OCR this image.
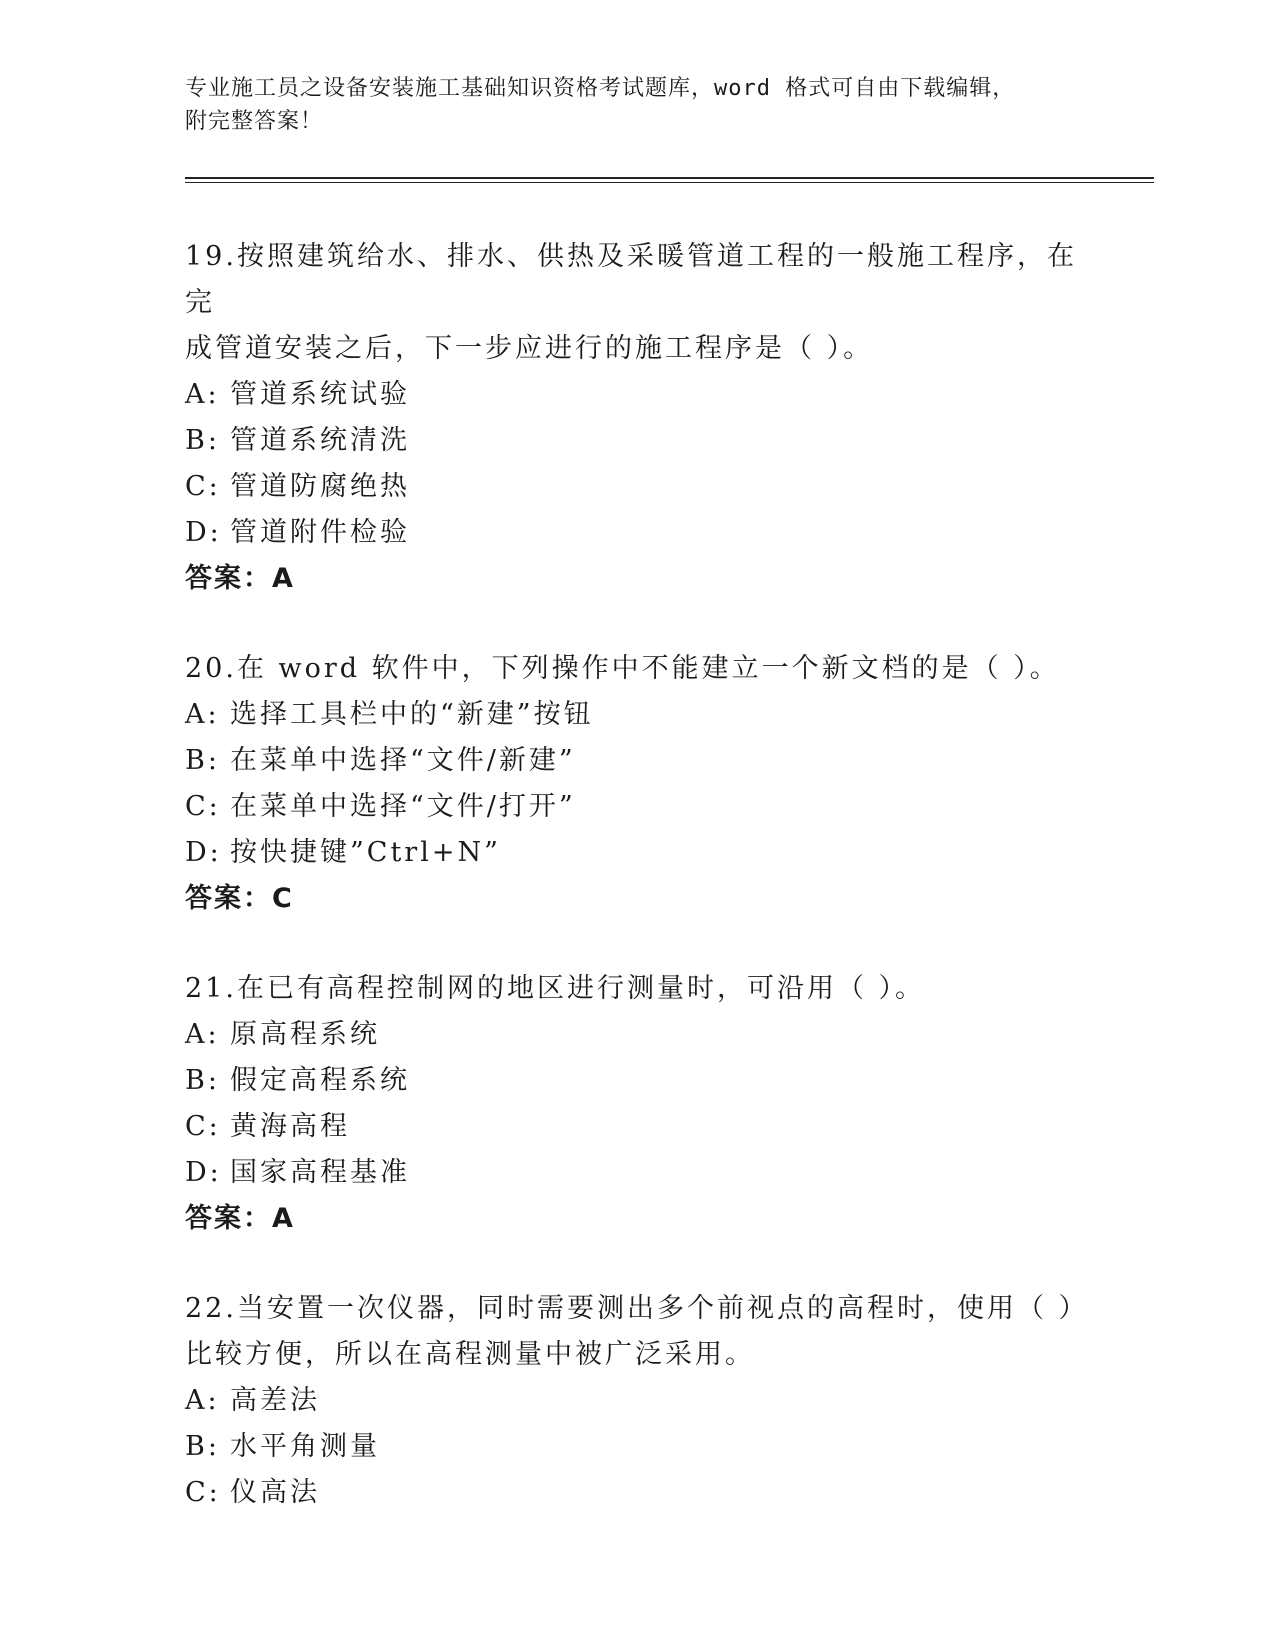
专业施工员之设备安装施工基础知识资格考试题库，word 格式可自由下载编辑，
附完整答案！
19.按照建筑给水、排水、供热及采暖管道工程的一般施工程序，在完
成管道安装之后，下一步应进行的施工程序是（ ）。
A: 管道系统试验
B: 管道系统清洗
C: 管道防腐绝热
D: 管道附件检验
答案：A
20.在 word 软件中，下列操作中不能建立一个新文档的是（ ）。
A: 选择工具栏中的“新建”按钮
B: 在菜单中选择“文件/新建”
C: 在菜单中选择“文件/打开”
D: 按快捷键”Ctrl+N”
答案：C
21.在已有高程控制网的地区进行测量时，可沿用（ ）。
A: 原高程系统
B: 假定高程系统
C: 黄海高程
D: 国家高程基准
答案：A
22.当安置一次仪器，同时需要测出多个前视点的高程时，使用（ ）
比较方便，所以在高程测量中被广泛采用。
A: 高差法
B: 水平角测量
C: 仪高法
